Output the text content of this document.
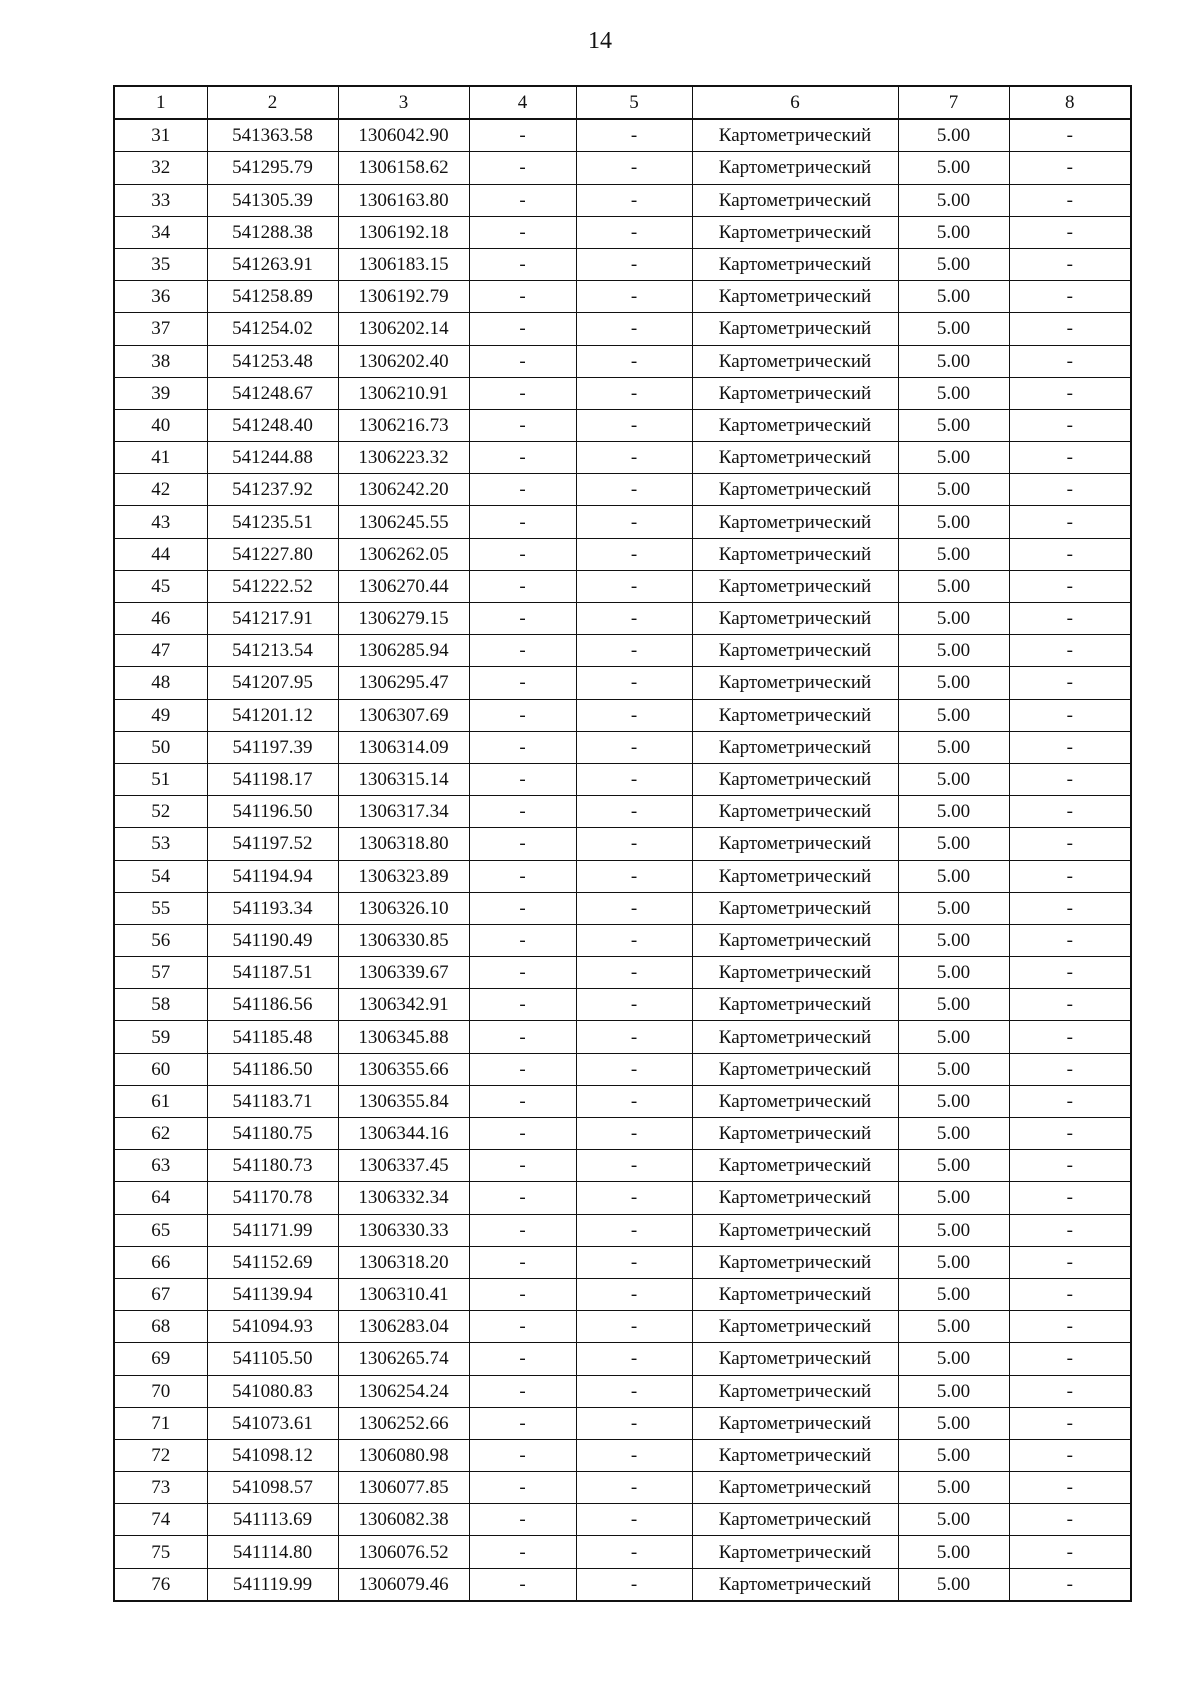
14
1	2	3	4	5	6	7	8
31	541363.58	1306042.90	-	-	Картометрический	5.00	-
32	541295.79	1306158.62	-	-	Картометрический	5.00	-
33	541305.39	1306163.80	-	-	Картометрический	5.00	-
34	541288.38	1306192.18	-	-	Картометрический	5.00	-
35	541263.91	1306183.15	-	-	Картометрический	5.00	-
36	541258.89	1306192.79	-	-	Картометрический	5.00	-
37	541254.02	1306202.14	-	-	Картометрический	5.00	-
38	541253.48	1306202.40	-	-	Картометрический	5.00	-
39	541248.67	1306210.91	-	-	Картометрический	5.00	-
40	541248.40	1306216.73	-	-	Картометрический	5.00	-
41	541244.88	1306223.32	-	-	Картометрический	5.00	-
42	541237.92	1306242.20	-	-	Картометрический	5.00	-
43	541235.51	1306245.55	-	-	Картометрический	5.00	-
44	541227.80	1306262.05	-	-	Картометрический	5.00	-
45	541222.52	1306270.44	-	-	Картометрический	5.00	-
46	541217.91	1306279.15	-	-	Картометрический	5.00	-
47	541213.54	1306285.94	-	-	Картометрический	5.00	-
48	541207.95	1306295.47	-	-	Картометрический	5.00	-
49	541201.12	1306307.69	-	-	Картометрический	5.00	-
50	541197.39	1306314.09	-	-	Картометрический	5.00	-
51	541198.17	1306315.14	-	-	Картометрический	5.00	-
52	541196.50	1306317.34	-	-	Картометрический	5.00	-
53	541197.52	1306318.80	-	-	Картометрический	5.00	-
54	541194.94	1306323.89	-	-	Картометрический	5.00	-
55	541193.34	1306326.10	-	-	Картометрический	5.00	-
56	541190.49	1306330.85	-	-	Картометрический	5.00	-
57	541187.51	1306339.67	-	-	Картометрический	5.00	-
58	541186.56	1306342.91	-	-	Картометрический	5.00	-
59	541185.48	1306345.88	-	-	Картометрический	5.00	-
60	541186.50	1306355.66	-	-	Картометрический	5.00	-
61	541183.71	1306355.84	-	-	Картометрический	5.00	-
62	541180.75	1306344.16	-	-	Картометрический	5.00	-
63	541180.73	1306337.45	-	-	Картометрический	5.00	-
64	541170.78	1306332.34	-	-	Картометрический	5.00	-
65	541171.99	1306330.33	-	-	Картометрический	5.00	-
66	541152.69	1306318.20	-	-	Картометрический	5.00	-
67	541139.94	1306310.41	-	-	Картометрический	5.00	-
68	541094.93	1306283.04	-	-	Картометрический	5.00	-
69	541105.50	1306265.74	-	-	Картометрический	5.00	-
70	541080.83	1306254.24	-	-	Картометрический	5.00	-
71	541073.61	1306252.66	-	-	Картометрический	5.00	-
72	541098.12	1306080.98	-	-	Картометрический	5.00	-
73	541098.57	1306077.85	-	-	Картометрический	5.00	-
74	541113.69	1306082.38	-	-	Картометрический	5.00	-
75	541114.80	1306076.52	-	-	Картометрический	5.00	-
76	541119.99	1306079.46	-	-	Картометрический	5.00	-
